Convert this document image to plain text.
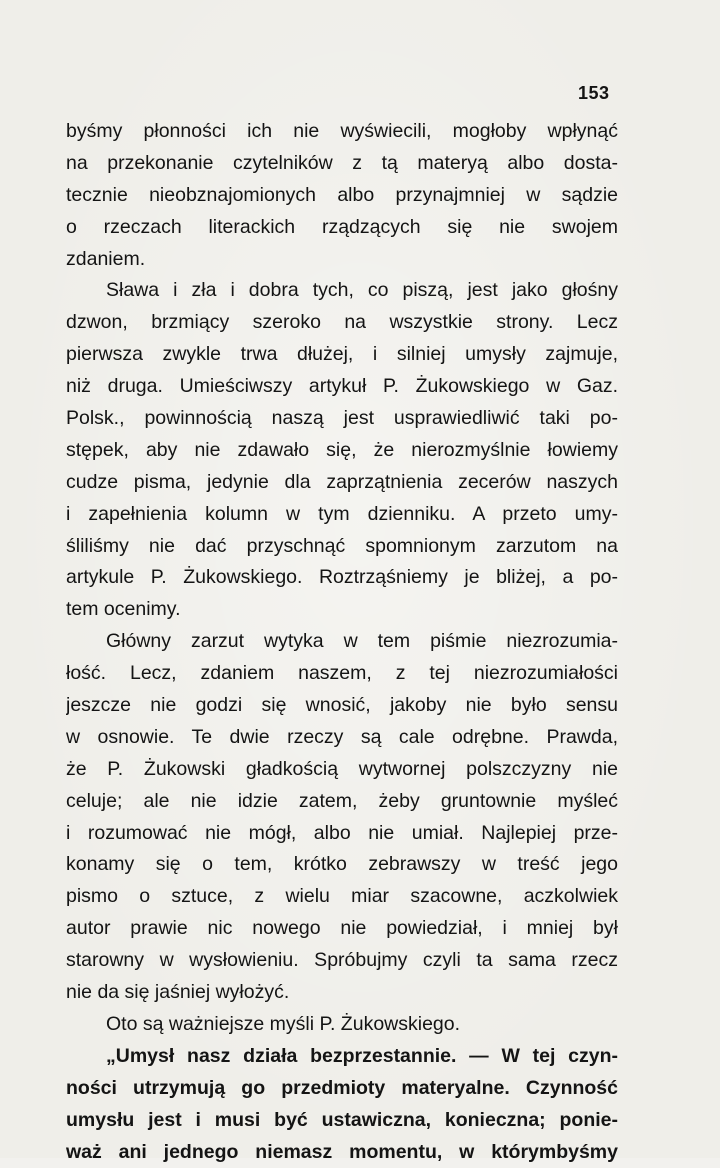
153
byśmy płonności ich nie wyświecili, mogłoby wpłynąć
na przekonanie czytelników z tą materyą albo dosta-
tecznie nieobznajomionych albo przynajmniej w sądzie
o rzeczach literackich rządzących się nie swojem
zdaniem.
Sława i zła i dobra tych, co piszą, jest jako głośny
dzwon, brzmiący szeroko na wszystkie strony. Lecz
pierwsza zwykle trwa dłużej, i silniej umysły zajmuje,
niż druga. Umieściwszy artykuł P. Żukowskiego w Gaz.
Polsk., powinnością naszą jest usprawiedliwić taki po-
stępek, aby nie zdawało się, że nierozmyślnie łowiemy
cudze pisma, jedynie dla zaprzątnienia zecerów naszych
i zapełnienia kolumn w tym dzienniku. A przeto umy-
śliliśmy nie dać przyschnąć spomnionym zarzutom na
artykule P. Żukowskiego. Roztrząśniemy je bliżej, a po-
tem ocenimy.
Główny zarzut wytyka w tem piśmie niezrozumia-
łość. Lecz, zdaniem naszem, z tej niezrozumiałości
jeszcze nie godzi się wnosić, jakoby nie było sensu
w osnowie. Te dwie rzeczy są cale odrębne. Prawda,
że P. Żukowski gładkością wytwornej polszczyzny nie
celuje; ale nie idzie zatem, żeby gruntownie myśleć
i rozumować nie mógł, albo nie umiał. Najlepiej prze-
konamy się o tem, krótko zebrawszy w treść jego
pismo o sztuce, z wielu miar szacowne, aczkolwiek
autor prawie nic nowego nie powiedział, i mniej był
starowny w wysłowieniu. Spróbujmy czyli ta sama rzecz
nie da się jaśniej wyłożyć.
Oto są ważniejsze myśli P. Żukowskiego.
„Umysł nasz działa bezprzestannie. — W tej czyn-
ności utrzymują go przedmioty materyalne. Czynność
umysłu jest i musi być ustawiczna, konieczna; ponie-
waż ani jednego niemasz momentu, w którymbyśmy
